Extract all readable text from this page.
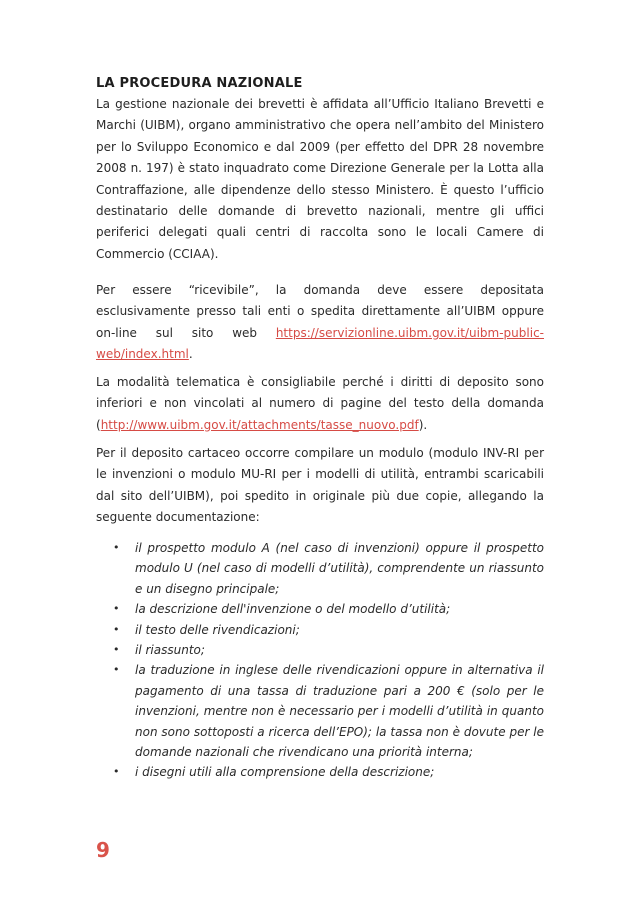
LA PROCEDURA NAZIONALE

La gestione nazionale dei brevetti è affidata all’Ufficio Italiano Brevetti e Marchi (UIBM), organo amministrativo che opera nell’ambito del Ministero per lo Sviluppo Economico e dal 2009 (per effetto del DPR 28 novembre 2008 n. 197) è stato inquadrato come Direzione Generale per la Lotta alla Contraffazione, alle dipendenze dello stesso Ministero. È questo l’ufficio destinatario delle domande di brevetto nazionali, mentre gli uffici periferici delegati quali centri di raccolta sono le locali Camere di Commercio (CCIAA).

Per essere “ricevibile”, la domanda deve essere depositata esclusivamente presso tali enti o spedita direttamente all’UIBM oppure on-line sul sito web https://servizionline.uibm.gov.it/uibm-public-web/index.html.

La modalità telematica è consigliabile perché i diritti di deposito sono inferiori e non vincolati al numero di pagine del testo della domanda (http://www.uibm.gov.it/attachments/tasse_nuovo.pdf).

Per il deposito cartaceo occorre compilare un modulo (modulo INV-RI per le invenzioni o modulo MU-RI per i modelli di utilità, entrambi scaricabili dal sito dell’UIBM), poi spedito in originale più due copie, allegando la seguente documentazione:

• il prospetto modulo A (nel caso di invenzioni) oppure il prospetto modulo U (nel caso di modelli d’utilità), comprendente un riassunto e un disegno principale;
• la descrizione dell'invenzione o del modello d’utilità;
• il testo delle rivendicazioni;
• il riassunto;
• la traduzione in inglese delle rivendicazioni oppure in alternativa il pagamento di una tassa di traduzione pari a 200 € (solo per le invenzioni, mentre non è necessario per i modelli d’utilità in quanto non sono sottoposti a ricerca dell’EPO); la tassa non è dovute per le domande nazionali che rivendicano una priorità interna;
• i disegni utili alla comprensione della descrizione;
9
